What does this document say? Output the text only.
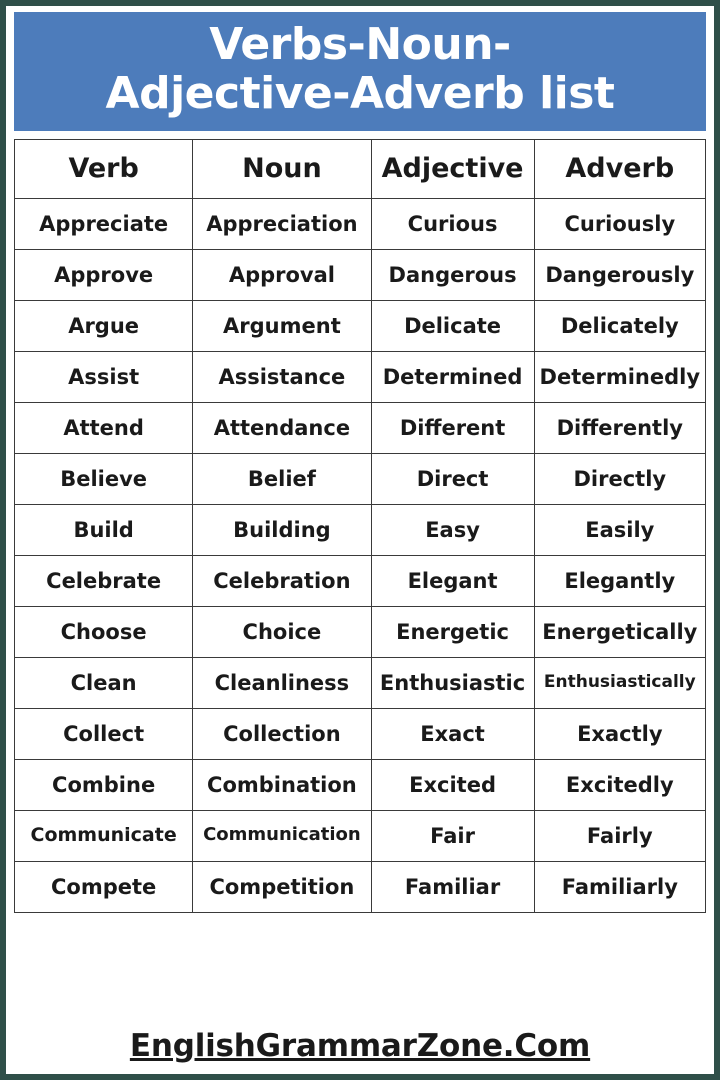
Verbs-Noun-
Adjective-Adverb list
Verb	Noun	Adjective	Adverb
Appreciate	Appreciation	Curious	Curiously
Approve	Approval	Dangerous	Dangerously
Argue	Argument	Delicate	Delicately
Assist	Assistance	Determined	Determinedly
Attend	Attendance	Different	Differently
Believe	Belief	Direct	Directly
Build	Building	Easy	Easily
Celebrate	Celebration	Elegant	Elegantly
Choose	Choice	Energetic	Energetically
Clean	Cleanliness	Enthusiastic	Enthusiastically
Collect	Collection	Exact	Exactly
Combine	Combination	Excited	Excitedly
Communicate	Communication	Fair	Fairly
Compete	Competition	Familiar	Familiarly
EnglishGrammarZone.Com
